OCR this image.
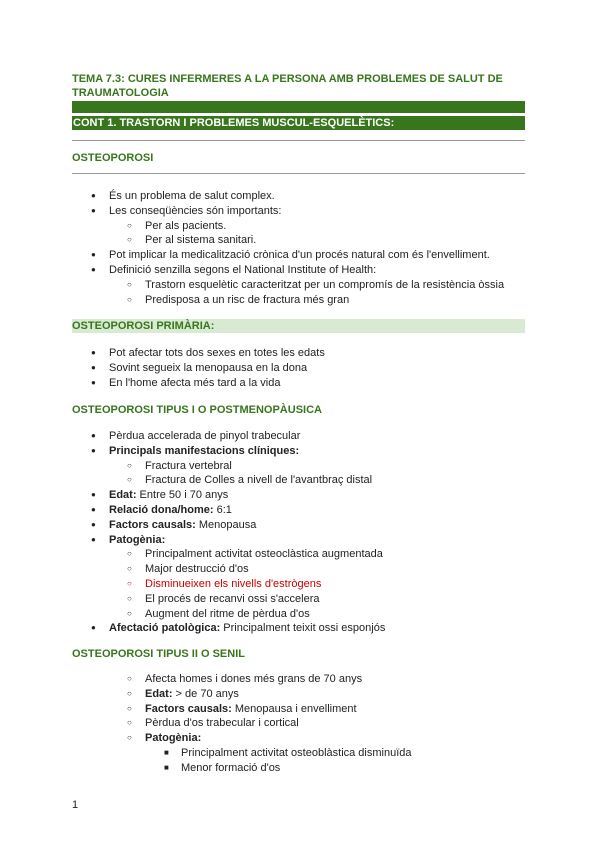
TEMA 7.3: CURES INFERMERES A LA PERSONA AMB PROBLEMES DE SALUT DE TRAUMATOLOGIA
CONT 1. TRASTORN I PROBLEMES MUSCUL-ESQUELÈTICS:
OSTEOPOROSI
● És un problema de salut complex.
● Les conseqüències són importants:
○ Per als pacients.
○ Per al sistema sanitari.
● Pot implicar la medicalització crònica d'un procés natural com és l'envelliment.
● Definició senzilla segons el National Institute of Health:
○ Trastorn esquelètic caracteritzat per un compromís de la resistència òssia
○ Predisposa a un risc de fractura més gran
OSTEOPOROSI PRIMÀRIA:
● Pot afectar tots dos sexes en totes les edats
● Sovint segueix la menopausa en la dona
● En l'home afecta més tard a la vida
OSTEOPOROSI TIPUS I O POSTMENOPÀUSICA
● Pèrdua accelerada de pinyol trabecular
● Principals manifestacions clíniques:
○ Fractura vertebral
○ Fractura de Colles a nivell de l'avantbraç distal
● Edat: Entre 50 i 70 anys
● Relació dona/home: 6:1
● Factors causals: Menopausa
● Patogènia:
○ Principalment activitat osteoclàstica augmentada
○ Major destrucció d'os
○ Disminueixen els nivells d'estrògens
○ El procés de recanvi ossi s'accelera
○ Augment del ritme de pèrdua d'os
● Afectació patològica: Principalment teixit ossi esponjós
OSTEOPOROSI TIPUS II O SENIL
○ Afecta homes i dones més grans de 70 anys
○ Edat: > de 70 anys
○ Factors causals: Menopausa i envelliment
○ Pèrdua d'os trabecular i cortical
○ Patogènia:
■ Principalment activitat osteoblàstica disminuïda
■ Menor formació d'os
1
